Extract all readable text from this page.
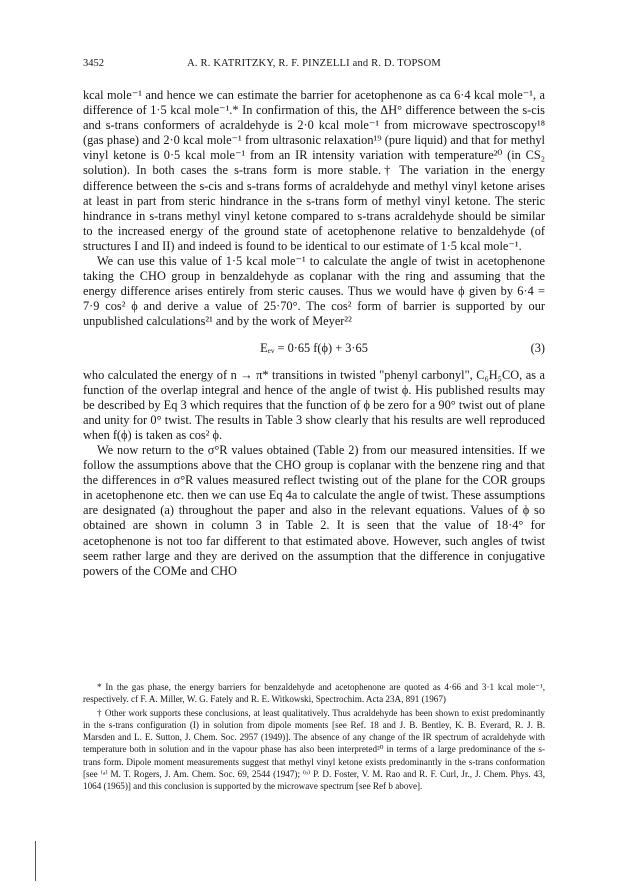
3452	A. R. KATRITZKY, R. F. PINZELLI and R. D. TOPSOM

kcal mole⁻¹ and hence we can estimate the barrier for acetophenone as ca 6·4 kcal mole⁻¹, a difference of 1·5 kcal mole⁻¹.* In confirmation of this, the ΔH° difference between the s-cis and s-trans conformers of acraldehyde is 2·0 kcal mole⁻¹ from microwave spectroscopy¹⁸ (gas phase) and 2·0 kcal mole⁻¹ from ultrasonic relaxation¹⁹ (pure liquid) and that for methyl vinyl ketone is 0·5 kcal mole⁻¹ from an IR intensity variation with temperature²⁰ (in CS₂ solution). In both cases the s-trans form is more stable.† The variation in the energy difference between the s-cis and s-trans forms of acraldehyde and methyl vinyl ketone arises at least in part from steric hindrance in the s-trans form of methyl vinyl ketone. The steric hindrance in s-trans methyl vinyl ketone compared to s-trans acraldehyde should be similar to the increased energy of the ground state of acetophenone relative to benzaldehyde (of structures I and II) and indeed is found to be identical to our estimate of 1·5 kcal mole⁻¹.

We can use this value of 1·5 kcal mole⁻¹ to calculate the angle of twist in acetophenone taking the CHO group in benzaldehyde as coplanar with the ring and assuming that the energy difference arises entirely from steric causes. Thus we would have ϕ given by 6·4 = 7·9 cos² ϕ and derive a value of 25·70°. The cos² form of barrier is supported by our unpublished calculations²¹ and by the work of Meyer²²

Eₑᵥ = 0·65 f(ϕ) + 3·65	(3)

who calculated the energy of n → π* transitions in twisted "phenyl carbonyl", C₆H₅CO, as a function of the overlap integral and hence of the angle of twist ϕ. His published results may be described by Eq 3 which requires that the function of ϕ be zero for a 90° twist out of plane and unity for 0° twist. The results in Table 3 show clearly that his results are well reproduced when f(ϕ) is taken as cos² ϕ.

We now return to the σ°R values obtained (Table 2) from our measured intensities. If we follow the assumptions above that the CHO group is coplanar with the benzene ring and that the differences in σ°R values measured reflect twisting out of the plane for the COR groups in acetophenone etc. then we can use Eq 4a to calculate the angle of twist. These assumptions are designated (a) throughout the paper and also in the relevant equations. Values of ϕ so obtained are shown in column 3 in Table 2. It is seen that the value of 18·4° for acetophenone is not too far different to that estimated above. However, such angles of twist seem rather large and they are derived on the assumption that the difference in conjugative powers of the COMe and CHO

* In the gas phase, the energy barriers for benzaldehyde and acetophenone are quoted as 4·66 and 3·1 kcal mole⁻¹, respectively. cf F. A. Miller, W. G. Fately and R. E. Witkowski, Spectrochim. Acta 23A, 891 (1967)

† Other work supports these conclusions, at least qualitatively. Thus acraldehyde has been shown to exist predominantly in the s-trans configuration (I) in solution from dipole moments [see Ref. 18 and J. B. Bentley, K. B. Everard, R. J. B. Marsden and L. E. Sutton, J. Chem. Soc. 2957 (1949)]. The absence of any change of the IR spectrum of acraldehyde with temperature both in solution and in the vapour phase has also been interpreted²⁰ in terms of a large predominance of the s-trans form. Dipole moment measurements suggest that methyl vinyl ketone exists predominantly in the s-trans conformation [see ⁽ᵃ⁾ M. T. Rogers, J. Am. Chem. Soc. 69, 2544 (1947); ⁽ᵇ⁾ P. D. Foster, V. M. Rao and R. F. Curl, Jr., J. Chem. Phys. 43, 1064 (1965)] and this conclusion is supported by the microwave spectrum [see Ref b above].
